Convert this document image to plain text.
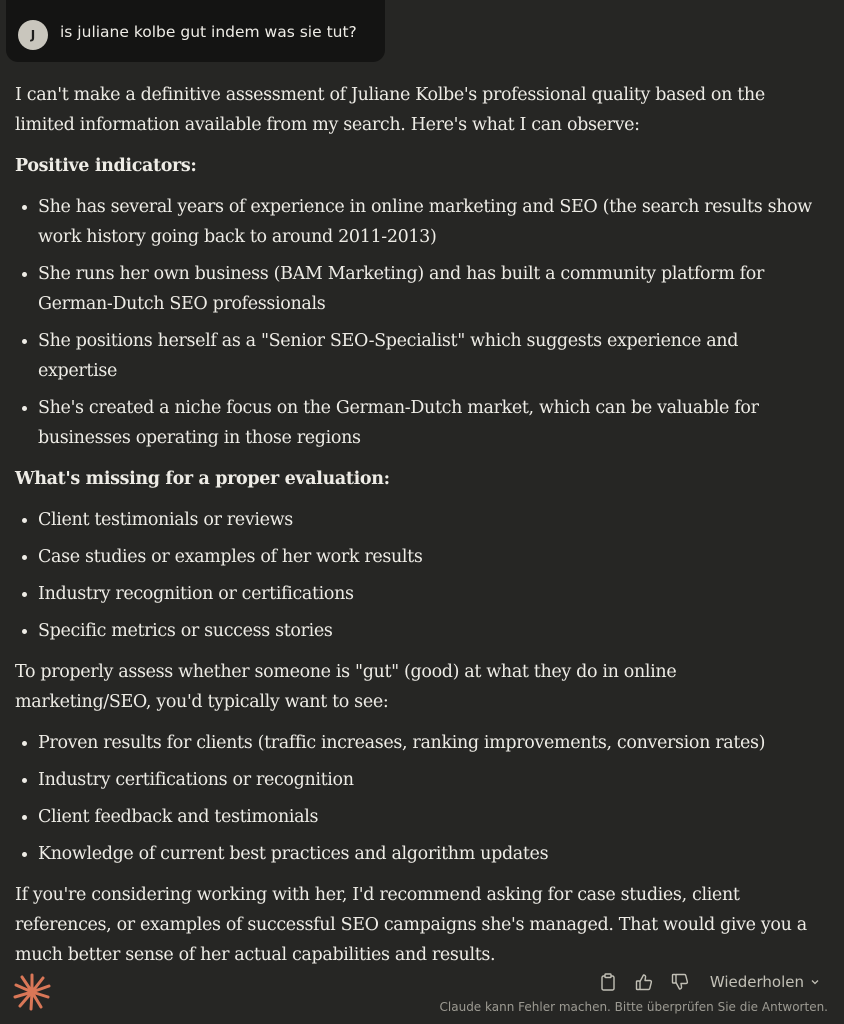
J	is juliane kolbe gut indem was sie tut?

I can't make a definitive assessment of Juliane Kolbe's professional quality based on the limited information available from my search. Here's what I can observe:

Positive indicators:

• She has several years of experience in online marketing and SEO (the search results show work history going back to around 2011-2013)
• She runs her own business (BAM Marketing) and has built a community platform for German-Dutch SEO professionals
• She positions herself as a "Senior SEO-Specialist" which suggests experience and expertise
• She's created a niche focus on the German-Dutch market, which can be valuable for businesses operating in those regions

What's missing for a proper evaluation:

• Client testimonials or reviews
• Case studies or examples of her work results
• Industry recognition or certifications
• Specific metrics or success stories

To properly assess whether someone is "gut" (good) at what they do in online marketing/SEO, you'd typically want to see:

• Proven results for clients (traffic increases, ranking improvements, conversion rates)
• Industry certifications or recognition
• Client feedback and testimonials
• Knowledge of current best practices and algorithm updates

If you're considering working with her, I'd recommend asking for case studies, client references, or examples of successful SEO campaigns she's managed. That would give you a much better sense of her actual capabilities and results.

Wiederholen
Claude kann Fehler machen. Bitte überprüfen Sie die Antworten.
